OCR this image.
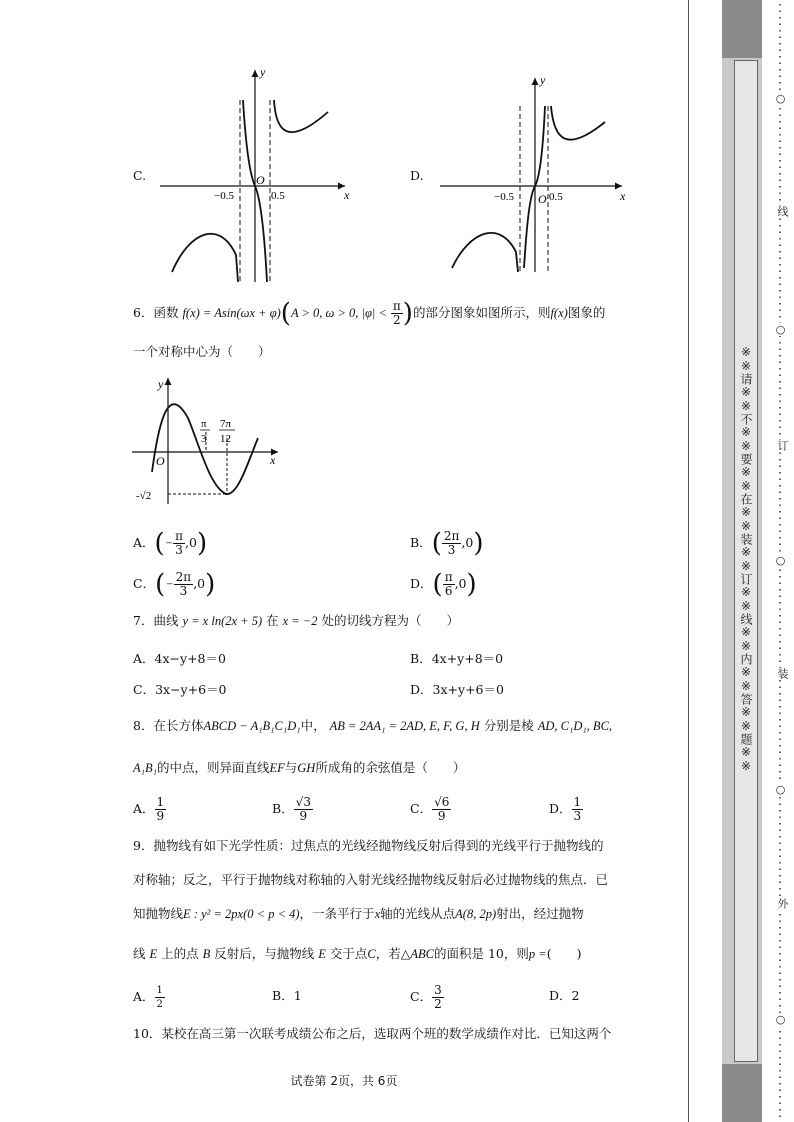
C.
y
x
O
−0.5	0.5
D.
y
x
O
−0.5	0.5
6．函数 f(x) = Asin(ωx + φ)(A > 0, ω > 0, $|\varphi| < \frac{\pi}{2}$ )的部分图象如图所示，则f(x)图象的
一个对称中心为（　　）
y
x
O
π
3
7π
12
-√2
A．(− $\frac{\pi}{3} ,0$)	B．( $\frac{2\pi}{3} ,0$)
C．(− $\frac{2\pi}{3} ,0$)	D．( $\frac{\pi}{6} ,0$)
7．曲线 y = x ln(2x + 5) 在 x = −2 处的切线方程为（　　）
A．4x−y+8＝0	B．4x+y+8＝0
C．3x−y+6＝0	D．3x+y+6＝0
8．在长方体ABCD − A₁B₁C₁D₁中， AB = 2AA₁ = 2AD, E, F, G, H 分别是棱 AD, C₁D₁, BC,
A₁B₁的中点，则异面直线EF与GH所成角的余弦值是（　　）
A． $\frac{1}{9}$	B． $\frac{√3}{9}$	C． $\frac{√6}{9}$	D． $\frac{1}{3}$
9．抛物线有如下光学性质：过焦点的光线经抛物线反射后得到的光线平行于抛物线的
对称轴；反之，平行于抛物线对称轴的入射光线经抛物线反射后必过抛物线的焦点．已
知抛物线E : y² = 2px(0 < p < 4)，一条平行于x轴的光线从点A(8, 2p)射出，经过抛物
线 E 上的点 B 反射后，与抛物线 E 交于点C，若△ABC的面积是 10，则p =(　　)
A． $\frac{1}{2}$	B．1	C． $\frac{3}{2}$	D．2
10．某校在高三第一次联考成绩公布之后，选取两个班的数学成绩作对比．已知这两个
试卷第 2页，共 6页
※※请※※不※※要※※在※※装※※订※※线※※内※※答※※题※※
○
线
○
订
○
装
○
外
○
